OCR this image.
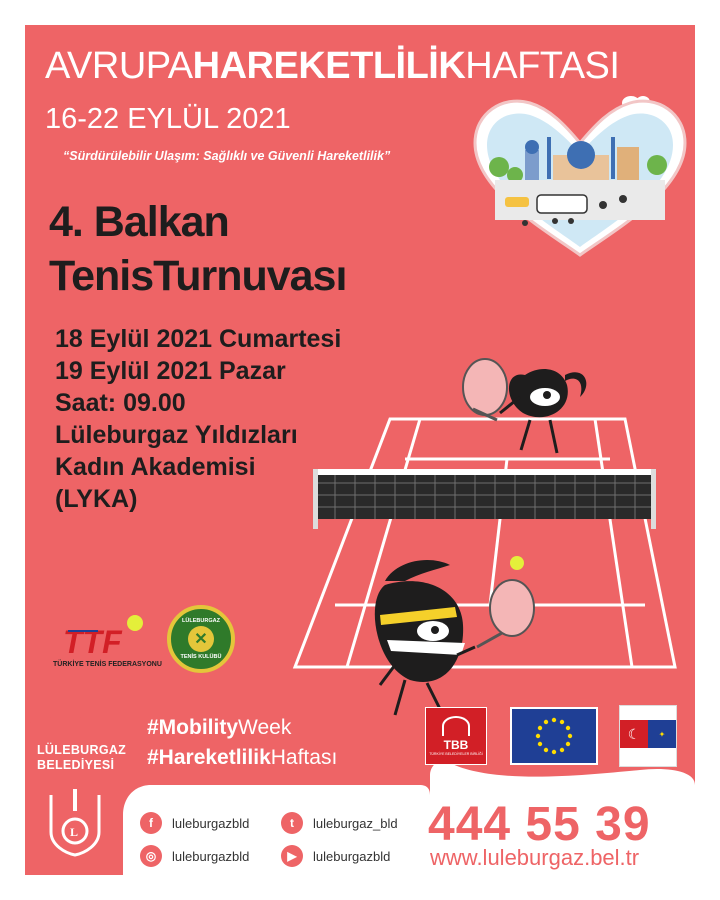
AVRUPAHAREKETLİLİKHAFTASI
16-22 EYLÜL 2021
“Sürdürülebilir Ulaşım: Sağlıklı ve Güvenli Hareketlilik”
4. Balkan
TenisTurnuvası
18 Eylül 2021 Cumartesi
19 Eylül 2021 Pazar
Saat: 09.00
Lüleburgaz Yıldızları
Kadın Akademisi
(LYKA)
TTF
TÜRKİYE TENİS FEDERASYONU
LÜLEBURGAZ
✕
TENİS KULÜBÜ
#MobilityWeek
#HareketlilikHaftası
TBB
TÜRKİYE BELEDİYELER BİRLİĞİ
☾	✦
LÜLEBURGAZ
BELEDİYESİ
L
f	luleburgazbld	t	luleburgaz_bld
◎	luleburgazbld	▶	luleburgazbld
444 55 39
www.luleburgaz.bel.tr
